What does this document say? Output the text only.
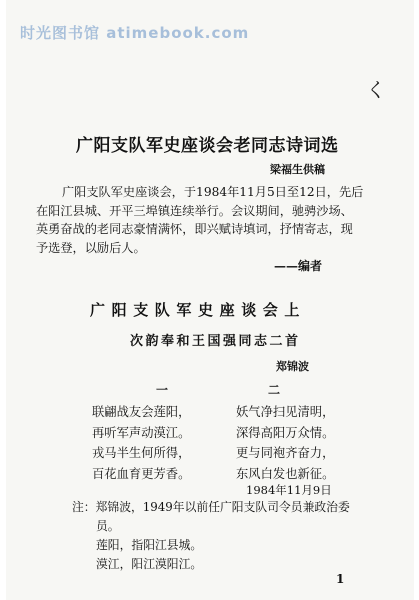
时光图书馆 atimebook.com
く
广阳支队军史座谈会老同志诗词选
梁福生供稿
广阳支队军史座谈会，于1984年11月5日至12日，先后
在阳江县城、开平三埠镇连续举行。会议期间，驰骋沙场、
英勇奋战的老同志豪情满怀，即兴赋诗填词，抒情寄志，现
予选登，以励后人。
——编者
广阳支队军史座谈会上
次韵奉和王国强同志二首
郑锦波
一	二
联翩战友会莲阳，
再听军声动漠江。
戎马半生何所得，
百花血育更芳香。
妖气净扫见清明，
深得高阳万众情。
更与同袍齐奋力，
东风白发也新征。
1984年11月9日
注：郑锦波，1949年以前任广阳支队司令员兼政治委
员。
莲阳，指阳江县城。
漠江，阳江漠阳江。
1
